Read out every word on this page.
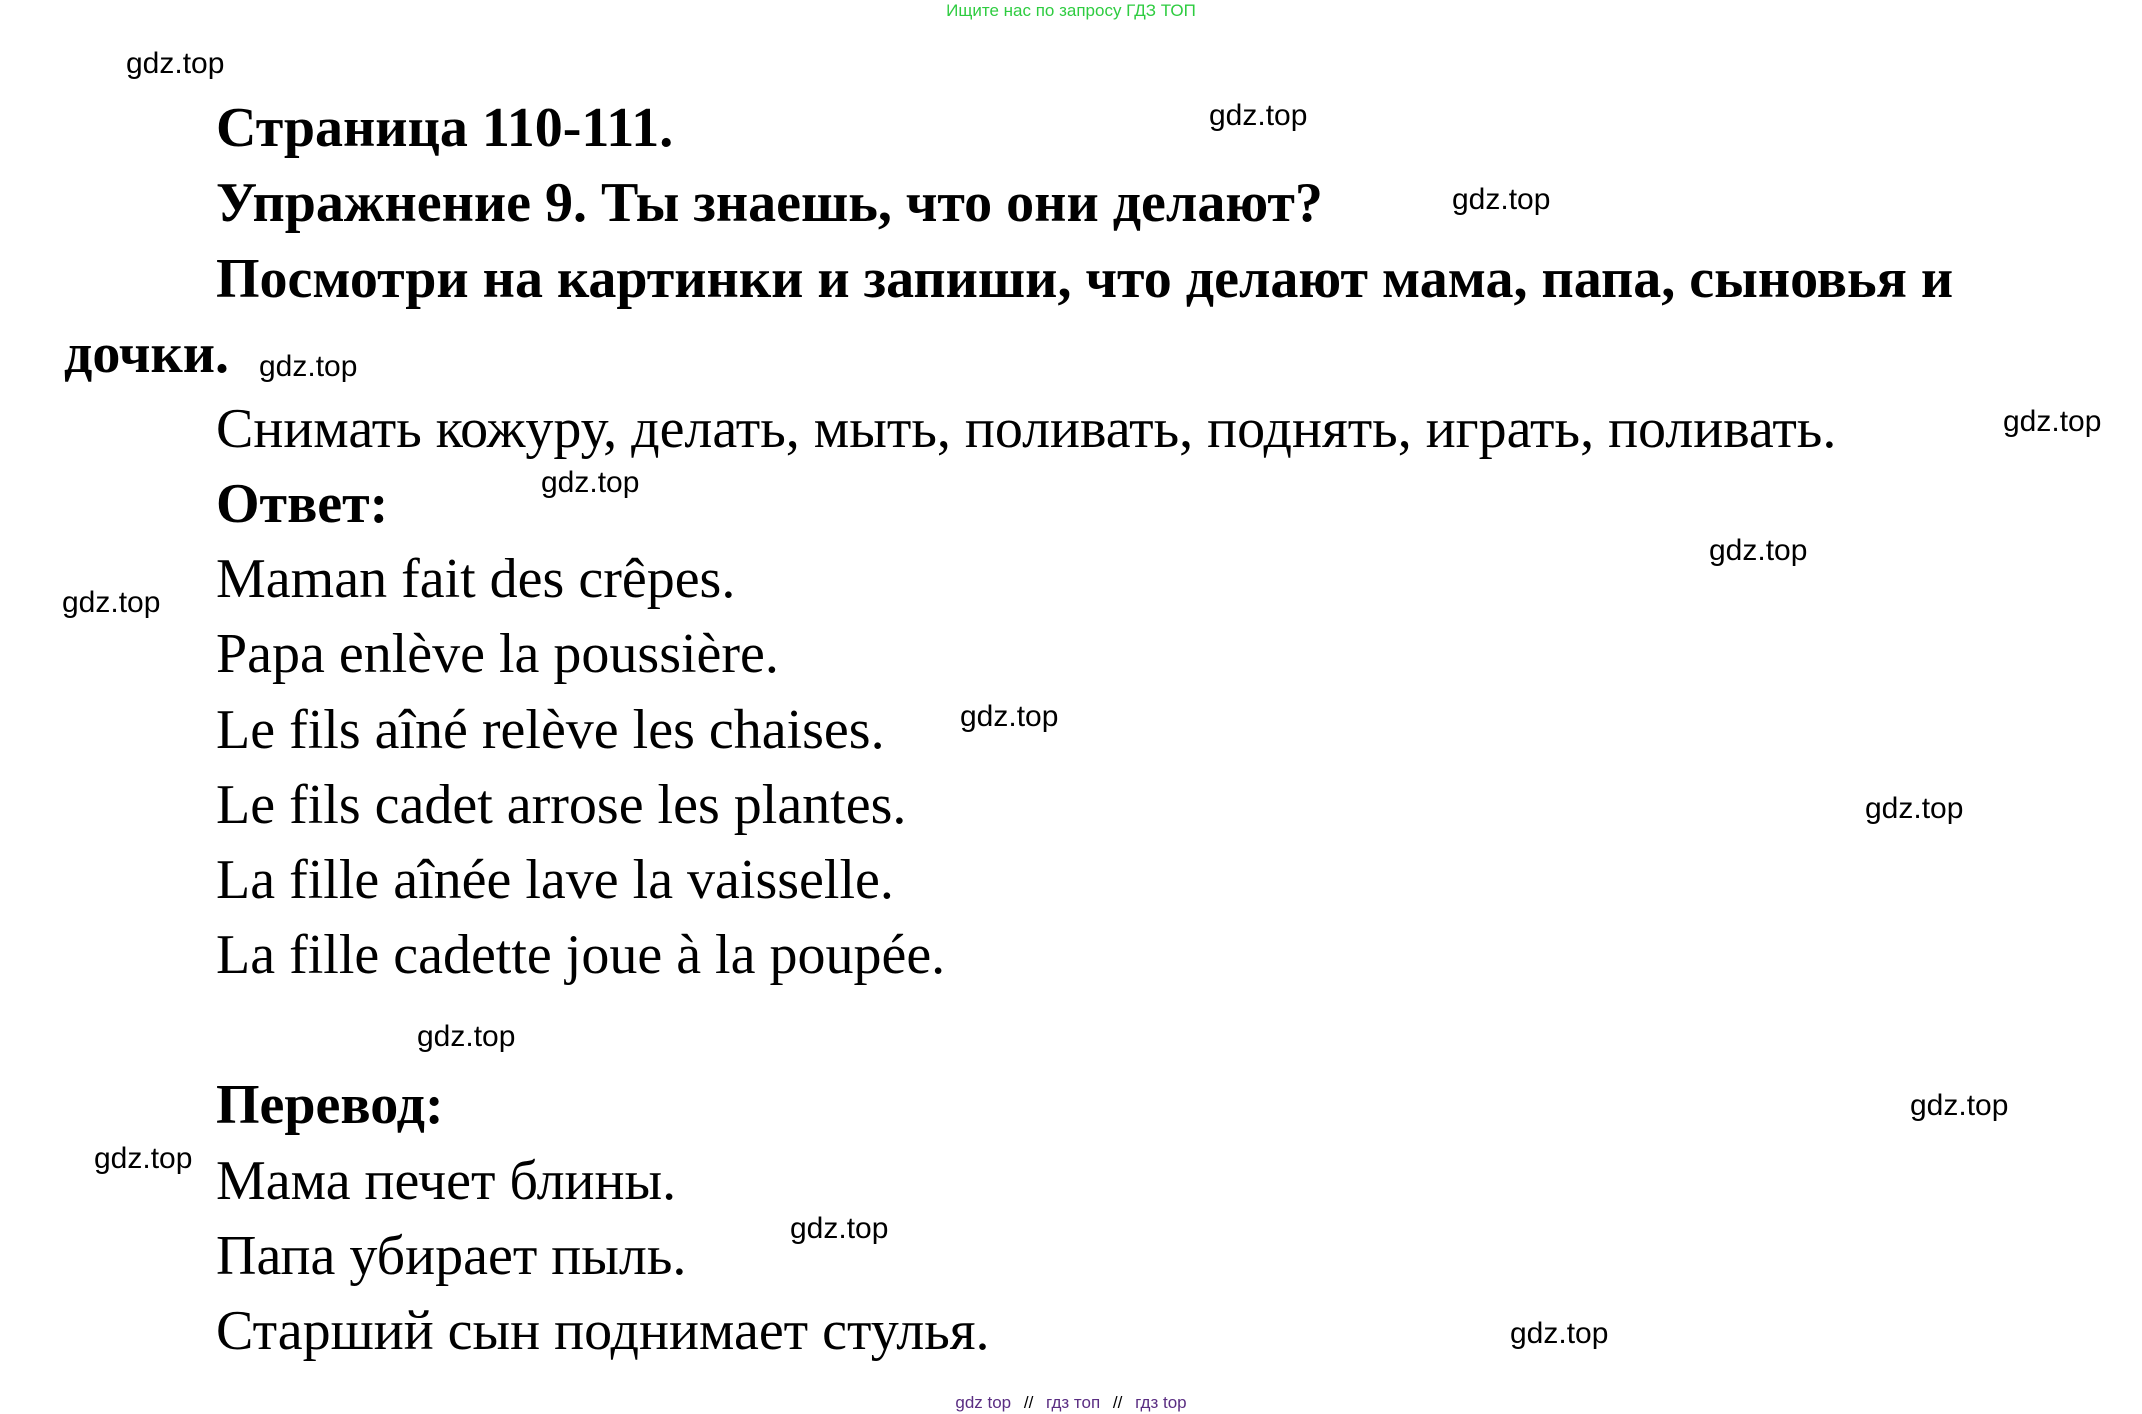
Ищите нас по запросу ГДЗ ТОП
gdz.top
gdz.top
gdz.top
gdz.top
gdz.top
gdz.top
gdz.top
gdz.top
gdz.top
gdz.top
gdz.top
gdz.top
gdz.top
gdz.top
gdz.top
Страница 110-111.
Упражнение 9. Ты знаешь, что они делают?
Посмотри на картинки и запиши, что делают мама, папа, сыновья и
дочки.
Снимать кожуру, делать, мыть, поливать, поднять, играть, поливать.
Ответ:
Maman fait des crêpes.
Papa enlève la poussière.
Le fils aîné relève les chaises.
Le fils cadet arrose les plantes.
La fille aînée lave la vaisselle.
La fille cadette joue à la poupée.
Перевод:
Мама печет блины.
Папа убирает пыль.
Старший сын поднимает стулья.
gdz top // гдз топ // гдз top
